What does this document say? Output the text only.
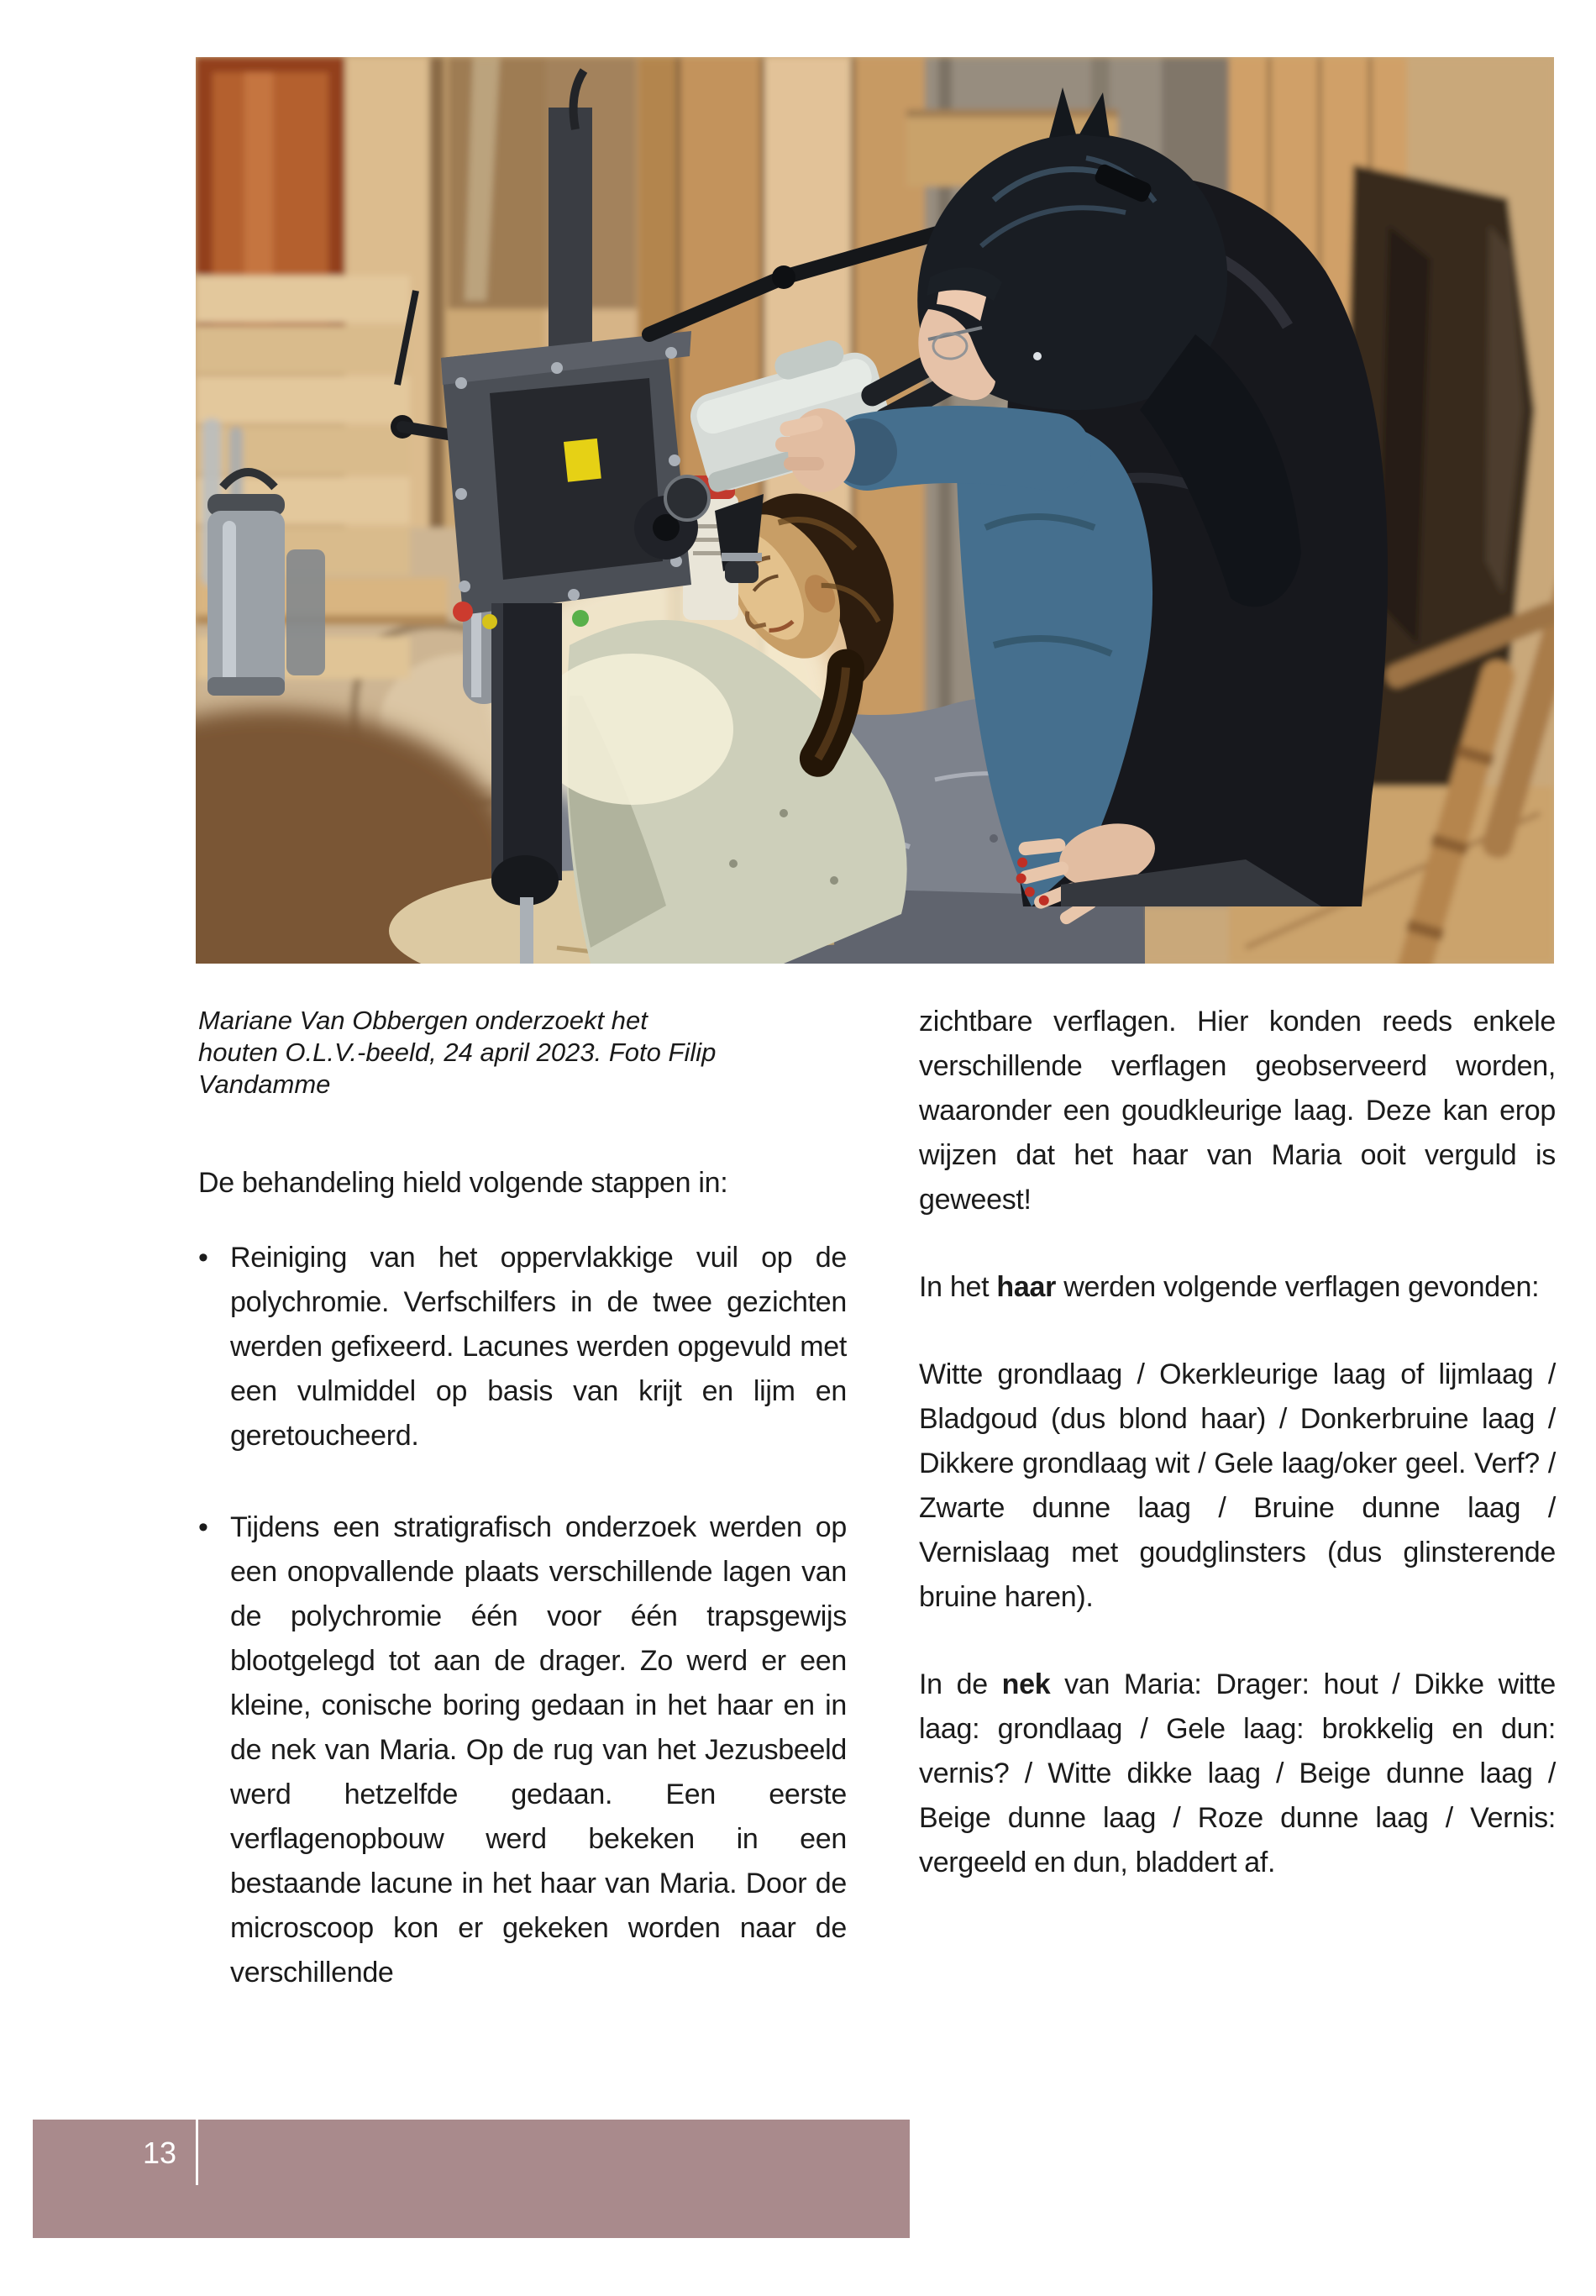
Mariane Van Obbergen onderzoekt het
houten O.L.V.-beeld, 24 april 2023. Foto Filip
Vandamme

De behandeling hield volgende stappen in:

• Reiniging van het oppervlakkige vuil op de polychromie. Verfschilfers in de twee gezichten werden gefixeerd. Lacunes werden opgevuld met een vulmiddel op basis van krijt en lijm en geretoucheerd.
• Tijdens een stratigrafisch onderzoek werden op een onopvallende plaats verschillende lagen van de polychromie één voor één trapsgewijs blootgelegd tot aan de drager. Zo werd er een kleine, conische boring gedaan in het haar en in de nek van Maria. Op de rug van het Jezusbeeld werd hetzelfde gedaan. Een eerste verflagenopbouw werd bekeken in een bestaande lacune in het haar van Maria. Door de microscoop kon er gekeken worden naar de verschillende

zichtbare verflagen. Hier konden reeds enkele verschillende verflagen geobserveerd worden, waaronder een goudkleurige laag. Deze kan erop wijzen dat het haar van Maria ooit verguld is geweest!

In het haar werden volgende verflagen gevonden:

Witte grondlaag / Okerkleurige laag of lijmlaag / Bladgoud (dus blond haar) / Donkerbruine laag / Dikkere grondlaag wit / Gele laag/oker geel. Verf? / Zwarte dunne laag / Bruine dunne laag / Vernislaag met goudglinsters (dus glinsterende bruine haren).

In de nek van Maria: Drager: hout / Dikke witte laag: grondlaag / Gele laag: brokkelig en dun: vernis? / Witte dikke laag / Beige dunne laag / Beige dunne laag / Roze dunne laag / Vernis: vergeeld en dun, bladdert af.

13
